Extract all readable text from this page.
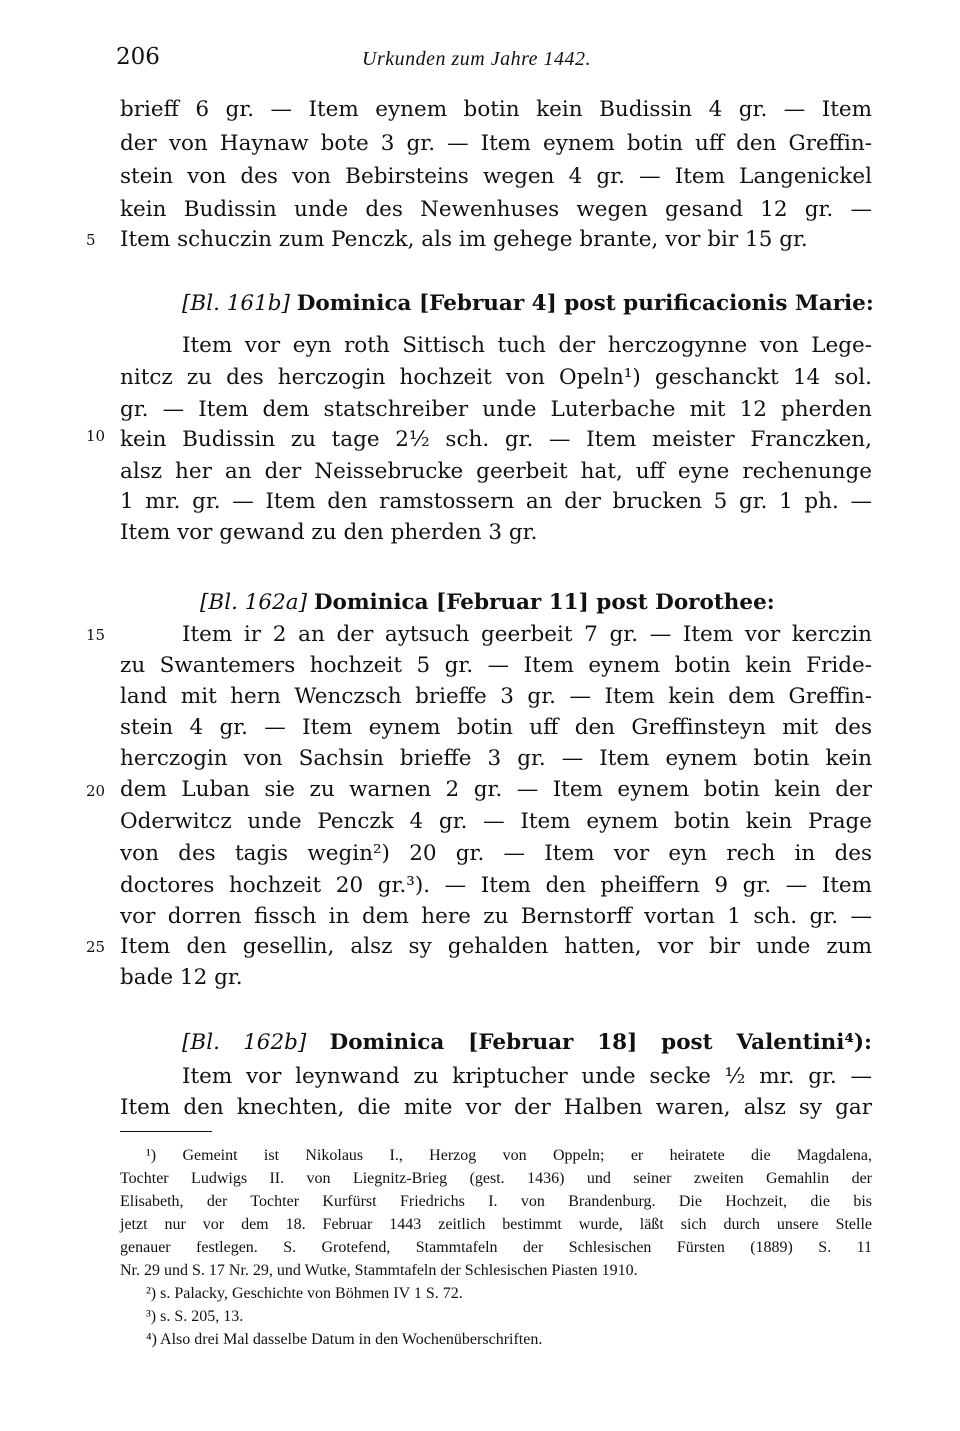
206	Urkunden zum Jahre 1442.
5
10
15
20
25
brieff 6 gr. — Item eynem botin kein Budissin 4 gr. — Item
der von Haynaw bote 3 gr. — Item eynem botin uff den Greffin-
stein von des von Bebirsteins wegen 4 gr. — Item Langenickel
kein Budissin unde des Newenhuses wegen gesand 12 gr. —
Item schuczin zum Penczk, als im gehege brante, vor bir 15 gr.
[Bl. 161b] Dominica [Februar 4] post purificacionis Marie:
Item vor eyn roth Sittisch tuch der herczogynne von Lege-
nitcz zu des herczogin hochzeit von Opeln¹) geschanckt 14 sol.
gr. — Item dem statschreiber unde Luterbache mit 12 pherden
kein Budissin zu tage 2½ sch. gr. — Item meister Franczken,
alsz her an der Neissebrucke geerbeit hat, uff eyne rechenunge
1 mr. gr. — Item den ramstossern an der brucken 5 gr. 1 ph. —
Item vor gewand zu den pherden 3 gr.
[Bl. 162a] Dominica [Februar 11] post Dorothee:
Item ir 2 an der aytsuch geerbeit 7 gr. — Item vor kerczin
zu Swantemers hochzeit 5 gr. — Item eynem botin kein Fride-
land mit hern Wenczsch brieffe 3 gr. — Item kein dem Greffin-
stein 4 gr. — Item eynem botin uff den Greffinsteyn mit des
herczogin von Sachsin brieffe 3 gr. — Item eynem botin kein
dem Luban sie zu warnen 2 gr. — Item eynem botin kein der
Oderwitcz unde Penczk 4 gr. — Item eynem botin kein Prage
von des tagis wegin²) 20 gr. — Item vor eyn rech in des
doctores hochzeit 20 gr.³). — Item den pheiffern 9 gr. — Item
vor dorren fissch in dem here zu Bernstorff vortan 1 sch. gr. —
Item den gesellin, alsz sy gehalden hatten, vor bir unde zum
bade 12 gr.
[Bl. 162b] Dominica [Februar 18] post Valentini⁴):
Item vor leynwand zu kriptucher unde secke ½ mr. gr. —
Item den knechten, die mite vor der Halben waren, alsz sy gar
¹) Gemeint ist Nikolaus I., Herzog von Oppeln; er heiratete die Magdalena,
Tochter Ludwigs II. von Liegnitz-Brieg (gest. 1436) und seiner zweiten Gemahlin der
Elisabeth, der Tochter Kurfürst Friedrichs I. von Brandenburg. Die Hochzeit, die bis
jetzt nur vor dem 18. Februar 1443 zeitlich bestimmt wurde, läßt sich durch unsere Stelle
genauer festlegen. S. Grotefend, Stammtafeln der Schlesischen Fürsten (1889) S. 11
Nr. 29 und S. 17 Nr. 29, und Wutke, Stammtafeln der Schlesischen Piasten 1910.
²) s. Palacky, Geschichte von Böhmen IV 1 S. 72.
³) s. S. 205, 13.
⁴) Also drei Mal dasselbe Datum in den Wochenüberschriften.
